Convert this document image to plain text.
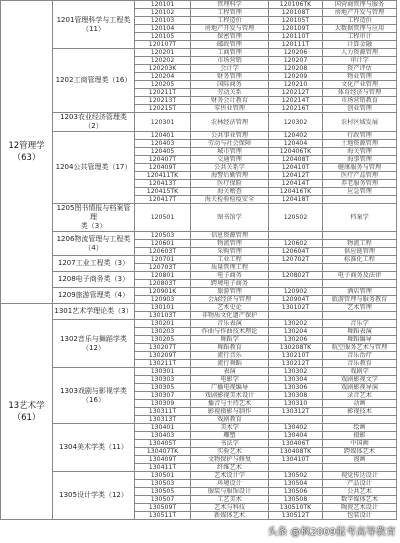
12管理学
（63）	1201管理科学与工程类
（11）	120101	管理科学	120106TK	国营商管理与服务
		120102	工程管理	120108T	房地产开发与管理
		120103	工程造价	120105T	工程造价
		120104	房地产开发与管理	120109T	大数据管理与应用
		120105	保密管理	120110T	工程审计
		120107T	邮政管理	120111T	计算金融
	1202工商管理类（16）	120201	工商管理	120206	人力资源管理
		120202	市场营销	120207	审计学
		120203K	会计学	120208	资产评估
		120204	财务管理	120209	物业管理
		120205	国际商务	120210	文化产业管理
		120211T	劳动关系	120212T	体育经济与管理
		120213T	财务会计教育	120214T	市场营销教育
		120215T	零售业管理	120216T	创业管理
	1203农业经济管理类
（2）	120301	农林经济管理	120302	农村区域发展
	1204公共管理类（17）	120401	公共事业管理	120402	行政管理
		120403	劳动与社会保障	120404	土地资源管理
		120405	城市管理	120406TK	海关管理
		120407T	交通管理	120408T	海事管理
		120409T	公共关系学	120410T	健康服务与管理
		120411TK	海警后勤管理	120412T	医疗产品管理
		120413T	医疗保险	120414T	养老服务管理
		120415TK	海关稽查	120416TK	应急管理
		120417T	海关检验检疫安全	120418T	
	1205图书情报与档案管理
类（3）	120501	图书馆学	120502	档案学
	1206物流管理与工程类
（4）	120503	信息资源管理		
		120601	物流管理	120602	物流工程
		120603T	采购管理	120604T	供应链管理
	1207工业工程类（3）	120701	工业工程	120702T	标准化工程
		120703T	质量管理工程		
	1208电子商务类（3）	120801	电子商务	120802T	电子商务及法律
		120803T	跨境电子商务		
	1209旅游管理类（4）	120901K	旅游管理	120902	酒店管理
		120903	会展经济与管理	120904T	旅游管理与服务教育
13艺术学
（61）	1301艺术学理论类（3）	130101	艺术史论	130102T	艺术管理
		130103T	非物质文化遗产保护		
	1302音乐与舞蹈学类
（12）	130201	音乐表演	130202	音乐学
		130203	作曲与作曲技术理论	130204	舞蹈表演
		130205	舞蹈学	130206	舞蹈编导
		130207T	舞蹈教育	130208TK	航空服务艺术与管理
		130209T	流行音乐	130210T	音乐治疗
		130211T	流行舞蹈	130212T	音乐教育
	1303戏剧与影视学类
（16）	130301	表演	130302	戏剧学
		130303	电影学	130304	戏剧影视文学
		130305	广播电视编导	130306	戏剧影视导演
		130307	戏剧影视美术设计	130308	录音艺术
		130309	播音与主持艺术	130310	动画
		130311T	影视摄影与制作	130312T	影视技术
		130313T	戏剧教育		
	1304美术学类（11）	130401	美术学	130402	绘画
		130403	雕塑	130404	摄影
		130405T	书法学	130406T	中国画
		130407TK	实验艺术	130408TK	跨媒体艺术
		130409T	文物保护与修复	130410T	漫画
		130411T	纤维艺术		
	1305设计学类（12）	130501	艺术设计学	130502	视觉传达设计
		130503	环境设计	130504	产品设计
		130505	服装与服饰设计	130506	公共艺术
		130507	工艺美术	130508	数字媒体艺术
		130509T	艺术与科技	130510TK	陶瓷艺术设计
		130511T	新媒体艺术	130512T	包装设计
头条 @枫2009报考高等教育
